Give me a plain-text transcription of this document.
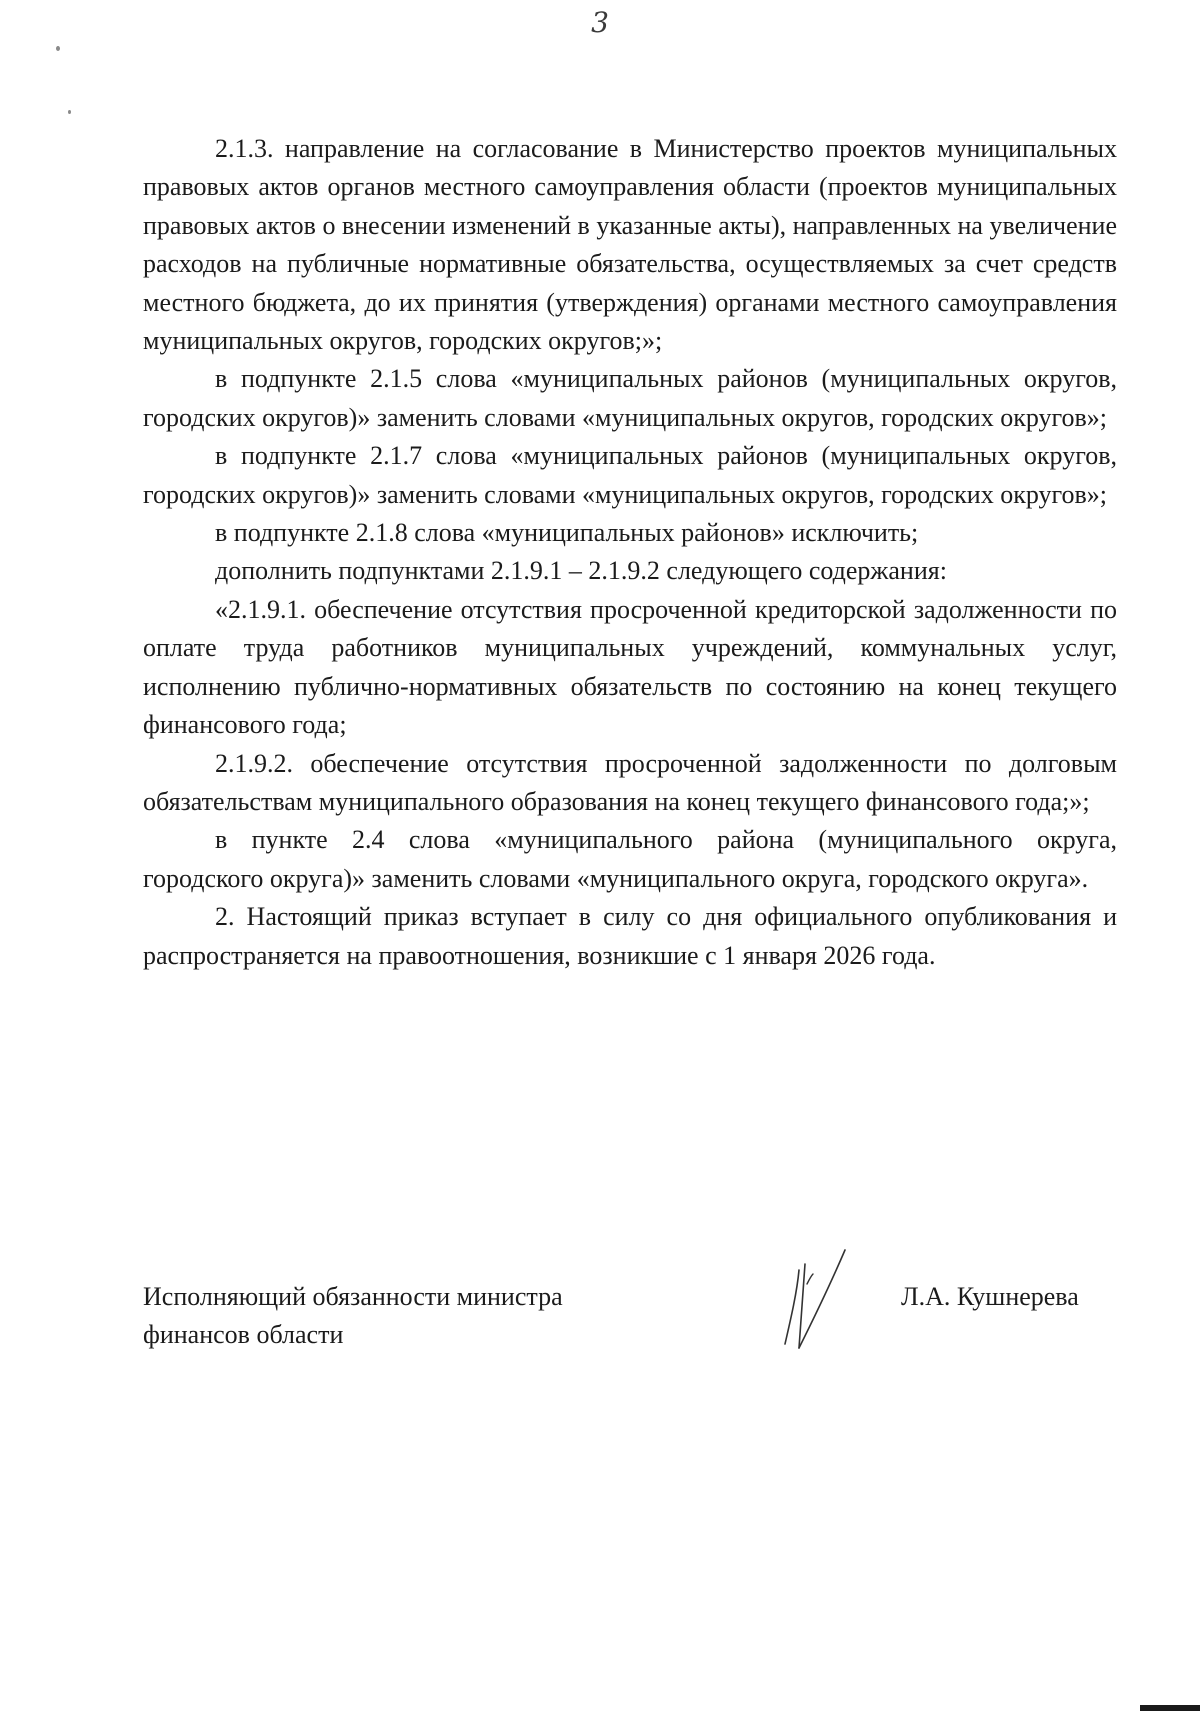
3

2.1.3. направление на согласование в Министерство проектов муниципальных правовых актов органов местного самоуправления области (проектов муниципальных правовых актов о внесении изменений в указанные акты), направленных на увеличение расходов на публичные нормативные обязательства, осуществляемых за счет средств местного бюджета, до их принятия (утверждения) органами местного самоуправления муниципальных округов, городских округов;»;

в подпункте 2.1.5 слова «муниципальных районов (муниципальных округов, городских округов)» заменить словами «муниципальных округов, городских округов»;

в подпункте 2.1.7 слова «муниципальных районов (муниципальных округов, городских округов)» заменить словами «муниципальных округов, городских округов»;

в подпункте 2.1.8 слова «муниципальных районов» исключить;

дополнить подпунктами 2.1.9.1 – 2.1.9.2 следующего содержания:

«2.1.9.1. обеспечение отсутствия просроченной кредиторской задолженности по оплате труда работников муниципальных учреждений, коммунальных услуг, исполнению публично-нормативных обязательств по состоянию на конец текущего финансового года;

2.1.9.2. обеспечение отсутствия просроченной задолженности по долговым обязательствам муниципального образования на конец текущего финансового года;»;

в пункте 2.4 слова «муниципального района (муниципального округа, городского округа)» заменить словами «муниципального округа, городского округа».

2. Настоящий приказ вступает в силу со дня официального опубликования и распространяется на правоотношения, возникшие с 1 января 2026 года.

Исполняющий обязанности министра финансов области
Л.А. Кушнерева
